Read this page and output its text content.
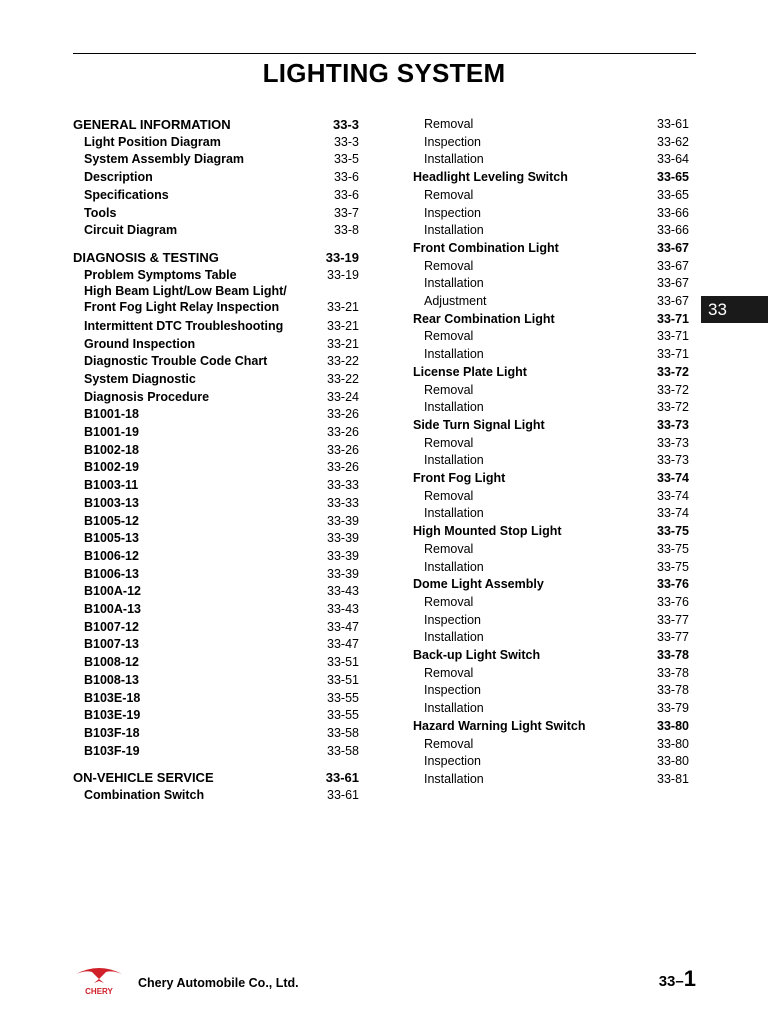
LIGHTING SYSTEM
GENERAL INFORMATION	33-3
Light Position Diagram	33-3
System Assembly Diagram	33-5
Description	33-6
Specifications	33-6
Tools	33-7
Circuit Diagram	33-8
DIAGNOSIS & TESTING	33-19
Problem Symptoms Table	33-19
High Beam Light/Low Beam Light/
Front Fog Light Relay Inspection	33-21
Intermittent DTC Troubleshooting	33-21
Ground Inspection	33-21
Diagnostic Trouble Code Chart	33-22
System Diagnostic	33-22
Diagnosis Procedure	33-24
B1001-18	33-26
B1001-19	33-26
B1002-18	33-26
B1002-19	33-26
B1003-11	33-33
B1003-13	33-33
B1005-12	33-39
B1005-13	33-39
B1006-12	33-39
B1006-13	33-39
B100A-12	33-43
B100A-13	33-43
B1007-12	33-47
B1007-13	33-47
B1008-12	33-51
B1008-13	33-51
B103E-18	33-55
B103E-19	33-55
B103F-18	33-58
B103F-19	33-58
ON-VEHICLE SERVICE	33-61
Combination Switch	33-61
Removal	33-61
Inspection	33-62
Installation	33-64
Headlight Leveling Switch	33-65
Removal	33-65
Inspection	33-66
Installation	33-66
Front Combination Light	33-67
Removal	33-67
Installation	33-67
Adjustment	33-67
Rear Combination Light	33-71
Removal	33-71
Installation	33-71
License Plate Light	33-72
Removal	33-72
Installation	33-72
Side Turn Signal Light	33-73
Removal	33-73
Installation	33-73
Front Fog Light	33-74
Removal	33-74
Installation	33-74
High Mounted Stop Light	33-75
Removal	33-75
Installation	33-75
Dome Light Assembly	33-76
Removal	33-76
Inspection	33-77
Installation	33-77
Back-up Light Switch	33-78
Removal	33-78
Inspection	33-78
Installation	33-79
Hazard Warning Light Switch	33-80
Removal	33-80
Inspection	33-80
Installation	33-81
33
CHERY
Chery Automobile Co., Ltd.	33–1
